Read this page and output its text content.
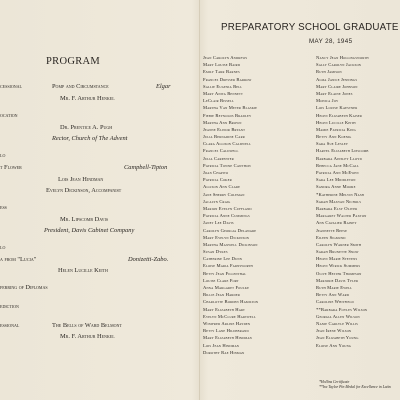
PROGRAM
cessional	Pomp and Circumstance	Elgar
Mr. F. Arthur Henkel
ocation
Dr. Prentice A. Pugh
Rector, Church of The Advent
lo
t Flower	Campbell-Tipton
Lois Jean Hindman
Evelyn Dickinson, Accompanist
ess
Mr. Lipscomb Davis
President, Davis Cabinet Company
lo
a from "Lucia"	Donizetti-Zabo.
Helen Lucille Keith
ferring of Diplomas
ediction
essional	The Bells of Ward Belmont
Mr. F. Arthur Henkel
PREPARATORY SCHOOL GRADUATE
MAY 28, 1945
Jean Carolyn Andrews
Mary Louise Baird
Emily Tarr Barnes
Frances Dresser Barrow
Sallie Eugenia Bell
Mary Anita Bennett
LeClair Bissell
Martha Van Meter Blaskie
Fiebie Reynolds Bradley
Martha Ann Brown
Jeanne Elinor Bryant
Julia Bernadine Carr
Clara Allison Caldwell
Frances Caldwell
Julia Carpenter
Patricia Towne Cawthon
Joan Chapito
Patricia Coker
Allison Ann Clare
Jane Sherry Coleman
Jacalyn Craig
Marion Evelyn Cuffland
Patricia Anne Cummings
Janet Lee Davis
Carolyn Georgia Delaware
Mary Evelyn Dickinson
Martha Maxwell Dickinson
Susan Dykes
Catherine Lee Dunn
Eloise Maria Farnsworth
Betty Jean Fillenthal
Louise Clare Fort
Anna Margaret Foulke
Billie Jean Harder
Charlotte Borden Hamilton
Mary Elizabeth Hart
Evelyn McClure Hartwell
Winifred Arline Hayden
Betty Lane Hildebrand
Mary Elizabeth Hindman
Lois Jean Hindman
Dorothy Rae Hinman
Nancy Jean Hollingsworth
Sally Carolyn Jackson
Ruth Jamison
Alma Janice Jennings
Mary Claire Johnson
Mary Elaine Jones
Monica Joy
Lois Louise Kaestner
Helen Elizabeth Kaiser
Helen Lucille Keith
Mamie Patricia King
Betty Ann Koenig
Sara Sue Lesley
Harvel Elizabeth Lipscomb
Barbara Ainsley Lloyd
Rebecca Jane McCall
Patricia Ann McEwen
Sara Lee Middleton
Sandra Anne Moore
*Katherine Melvin Nash
Sarah Maxvan Nichols
Barbara Elsy Oliver
Margaret Walter Paxton
Ann Cavalier Rainey
Jeannette Reese
Eileen Sigmund
Carolyn Warner Smith
Sarah Brunette Snow
Helen Marie Stevens
Helen Wirick Summers
Olive Hester Thompson
Marjorie Davis Tyler
Ruth Marie Ewell
Betty Ann Ward
Caroline Whitfield
**Barbara Foyles Wilson
Georgia Allen Wilson
Nanie Carlyle Willis
Jean Irene Wilson
Jean Elizabeth Young
Eloise Ann Young
*Hollins Certificate
**Ira Taylor Pin Medal for Excellence in Latin
